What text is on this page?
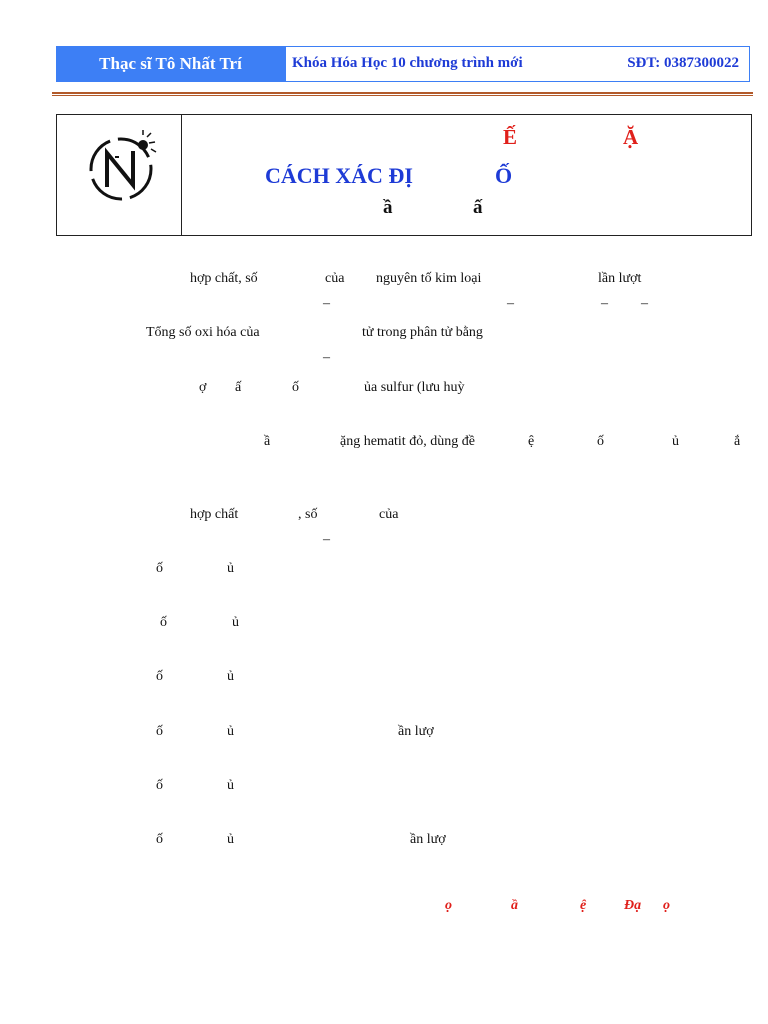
Thạc sĩ Tô Nhất Trí	Khóa Hóa Học 10 chương trình mới	SĐT: 0387300022
Ế	Ặ
CÁCH XÁC ĐỊ	Ố
ầ	ấ
hợp chất, số	của nguyên tố kim loại	lần lượt
–	–	– –
Tổng số oxi hóa của	tử trong phân tử bằng
–
ợ ấ	ố	ủa sulfur (lưu huỳ
ầ	ặng hematit đỏ, dùng đề	ệ	ố	ủ	ắ
hợp chất	, số	của
–
ố	ủ
ố	ủ
ố	ủ
ố	ủ	ần lượ
ố	ủ
ố	ủ	ần lượ
ọ	ầ	ệ	Đạ ọ
